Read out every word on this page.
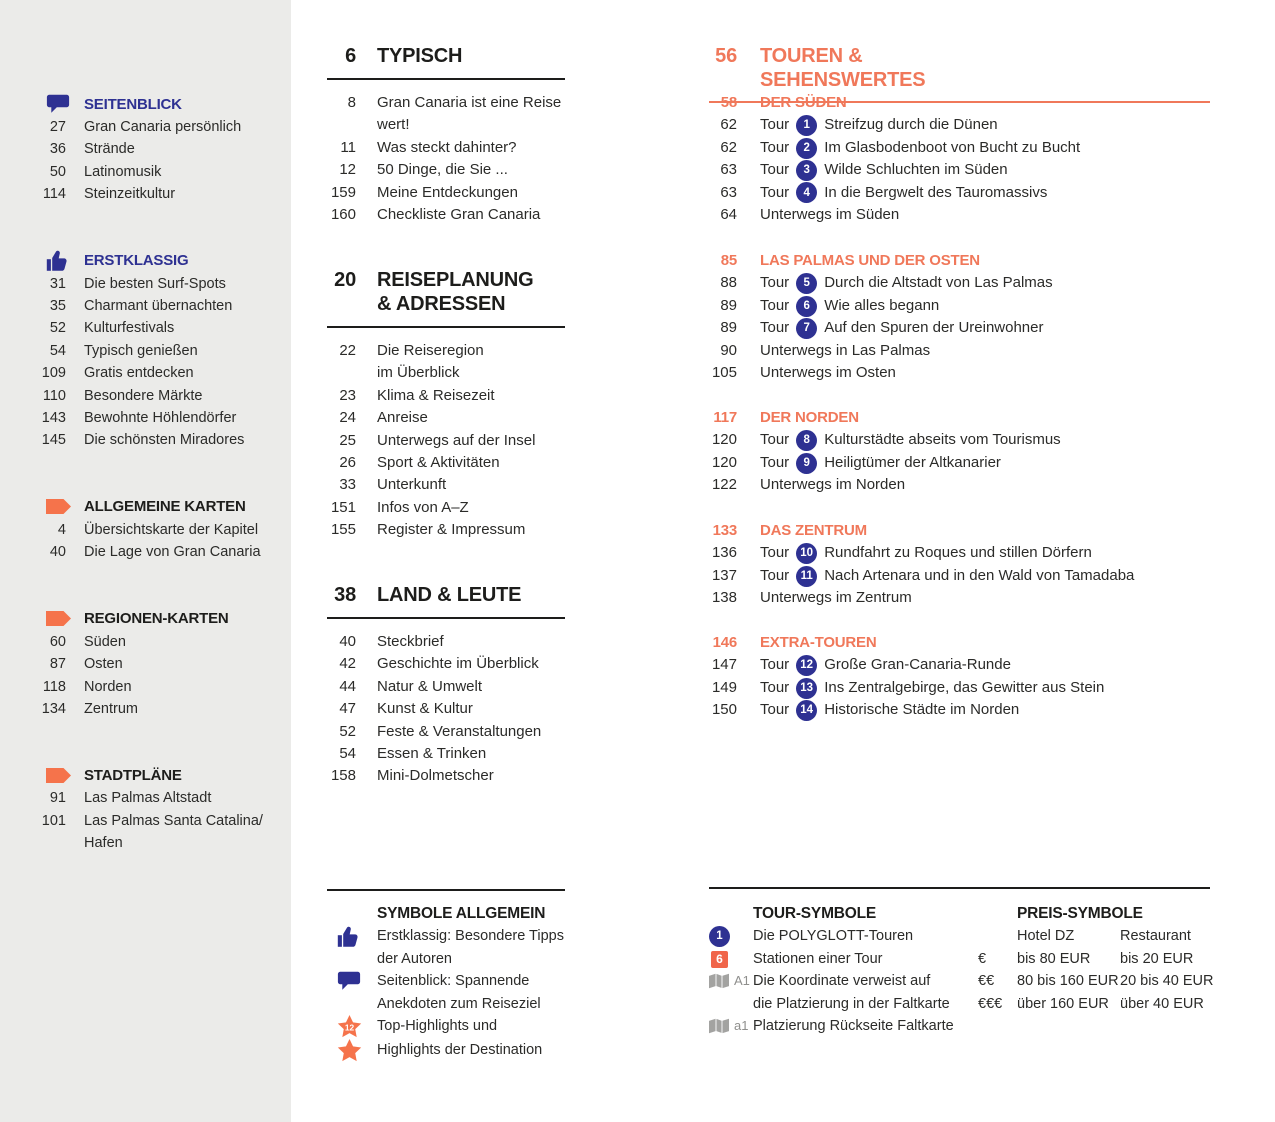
SEITENBLICK
27 Gran Canaria persönlich
36 Strände
50 Latinomusik
114 Steinzeitkultur
ERSTKLASSIG
31 Die besten Surf-Spots
35 Charmant übernachten
52 Kulturfestivals
54 Typisch genießen
109 Gratis entdecken
110 Besondere Märkte
143 Bewohnte Höhlendörfer
145 Die schönsten Miradores
ALLGEMEINE KARTEN
4 Übersichtskarte der Kapitel
40 Die Lage von Gran Canaria
REGIONEN-KARTEN
60 Süden
87 Osten
118 Norden
134 Zentrum
STADTPLÄNE
91 Las Palmas Altstadt
101 Las Palmas Santa Catalina/
Hafen
6 TYPISCH
8 Gran Canaria ist eine Reise
wert!
11 Was steckt dahinter?
12 50 Dinge, die Sie ...
159 Meine Entdeckungen
160 Checkliste Gran Canaria
20 REISEPLANUNG & ADRESSEN
22 Die Reiseregion
im Überblick
23 Klima & Reisezeit
24 Anreise
25 Unterwegs auf der Insel
26 Sport & Aktivitäten
33 Unterkunft
151 Infos von A–Z
155 Register & Impressum
38 LAND & LEUTE
40 Steckbrief
42 Geschichte im Überblick
44 Natur & Umwelt
47 Kunst & Kultur
52 Feste & Veranstaltungen
54 Essen & Trinken
158 Mini-Dolmetscher
SYMBOLE ALLGEMEIN
Erstklassig: Besondere Tipps
der Autoren
Seitenblick: Spannende
Anekdoten zum Reiseziel
12 Top-Highlights und
Highlights der Destination
56 TOUREN & SEHENSWERTES
58 DER SÜDEN
62 Tour	1 Streifzug durch die Dünen
62 Tour	2 Im Glasbodenboot von Bucht zu Bucht
63 Tour	3 Wilde Schluchten im Süden
63 Tour	4 In die Bergwelt des Tauromassivs
64 Unterwegs im Süden
85 LAS PALMAS UND DER OSTEN
88 Tour	5 Durch die Altstadt von Las Palmas
89 Tour	6 Wie alles begann
89 Tour	7 Auf den Spuren der Ureinwohner
90 Unterwegs in Las Palmas
105 Unterwegs im Osten
117 DER NORDEN
120 Tour	8 Kulturstädte abseits vom Tourismus
120 Tour	9 Heiligtümer der Altkanarier
122 Unterwegs im Norden
133 DAS ZENTRUM
136 Tour 10 Rundfahrt zu Roques und stillen Dörfern
137 Tour 11 Nach Artenara und in den Wald von Tamadaba
138 Unterwegs im Zentrum
146 EXTRA-TOUREN
147 Tour 12 Große Gran-Canaria-Runde
149 Tour 13 Ins Zentralgebirge, das Gewitter aus Stein
150 Tour 14 Historische Städte im Norden
TOUR-SYMBOLE
1	Die POLYGLOTT-Touren
6	Stationen einer Tour
A1 Die Koordinate verweist auf
die Platzierung in der Faltkarte
a1 Platzierung Rückseite Faltkarte
PREIS-SYMBOLE
Hotel DZ	Restaurant
€	bis 80 EUR	bis 20 EUR
€€	80 bis 160 EUR 20 bis 40 EUR
€€€	über 160 EUR über 40 EUR
